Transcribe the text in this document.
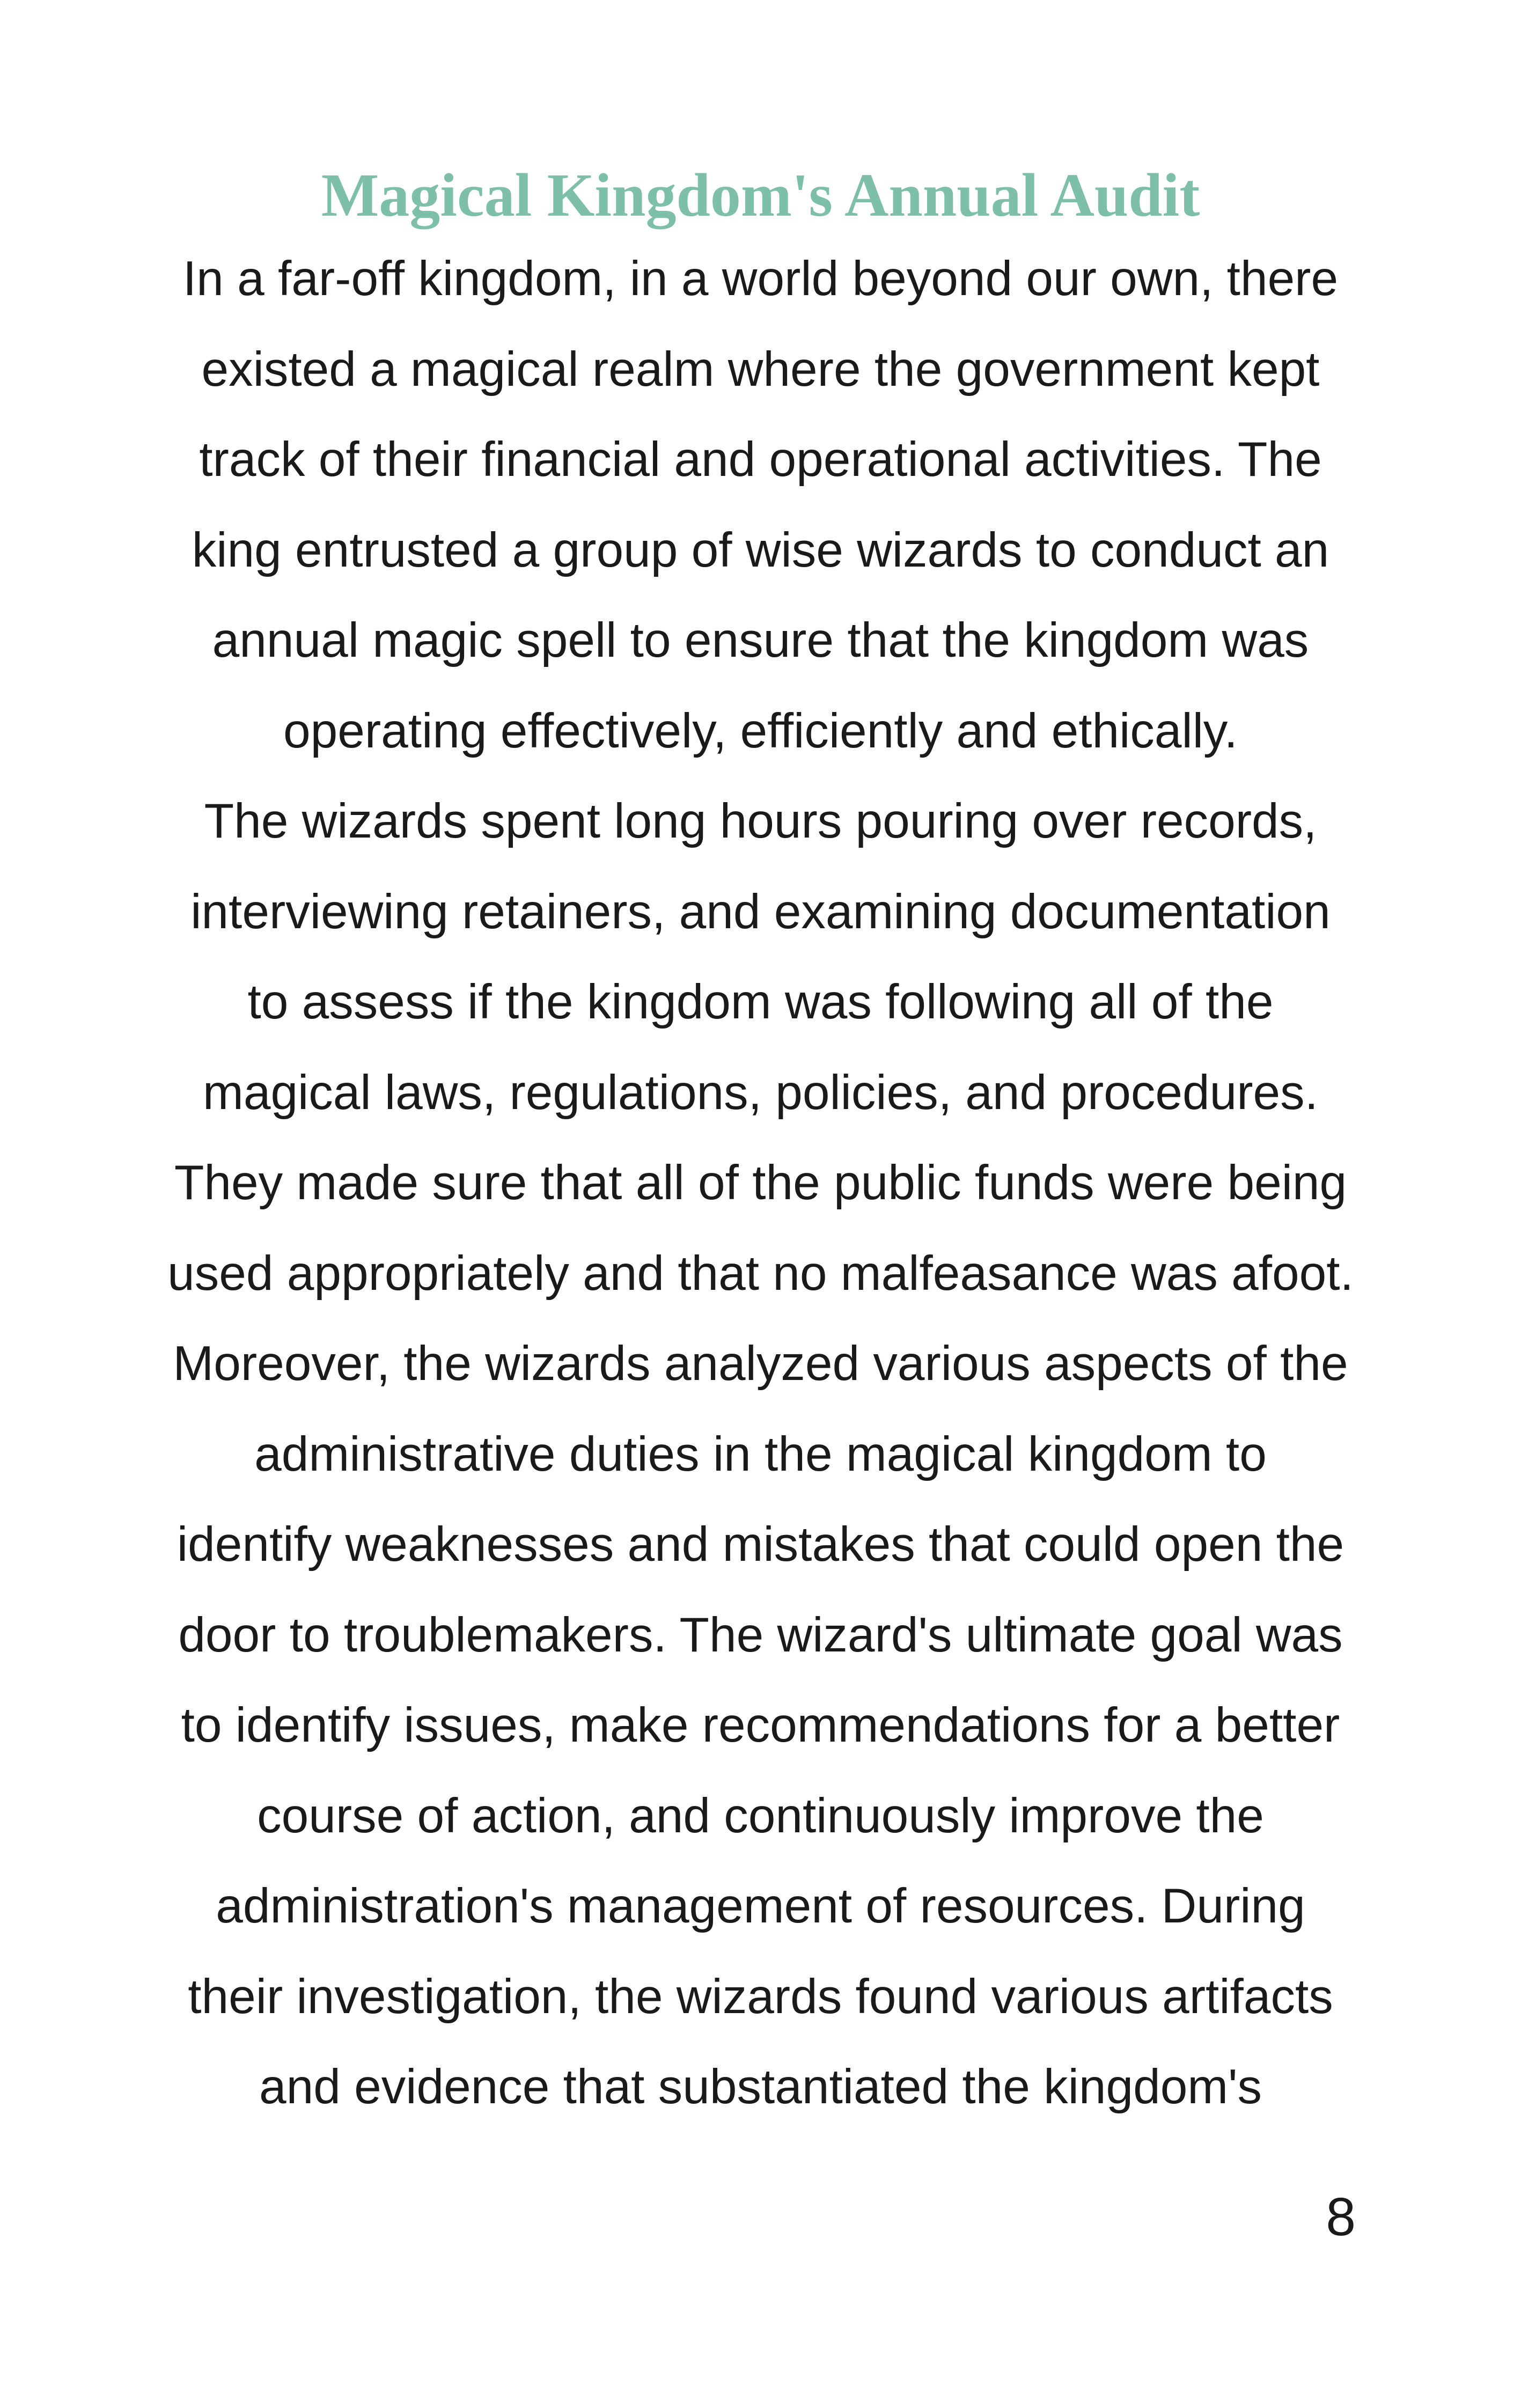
Magical Kingdom's Annual Audit

In a far-off kingdom, in a world beyond our own, there

existed a magical realm where the government kept

track of their financial and operational activities. The

king entrusted a group of wise wizards to conduct an

annual magic spell to ensure that the kingdom was

operating effectively, efficiently and ethically.

The wizards spent long hours pouring over records,

interviewing retainers, and examining documentation

to assess if the kingdom was following all of the

magical laws, regulations, policies, and procedures.

They made sure that all of the public funds were being

used appropriately and that no malfeasance was afoot.

Moreover, the wizards analyzed various aspects of the

administrative duties in the magical kingdom to

identify weaknesses and mistakes that could open the

door to troublemakers. The wizard's ultimate goal was

to identify issues, make recommendations for a better

course of action, and continuously improve the

administration's management of resources. During

their investigation, the wizards found various artifacts

and evidence that substantiated the kingdom's

8
